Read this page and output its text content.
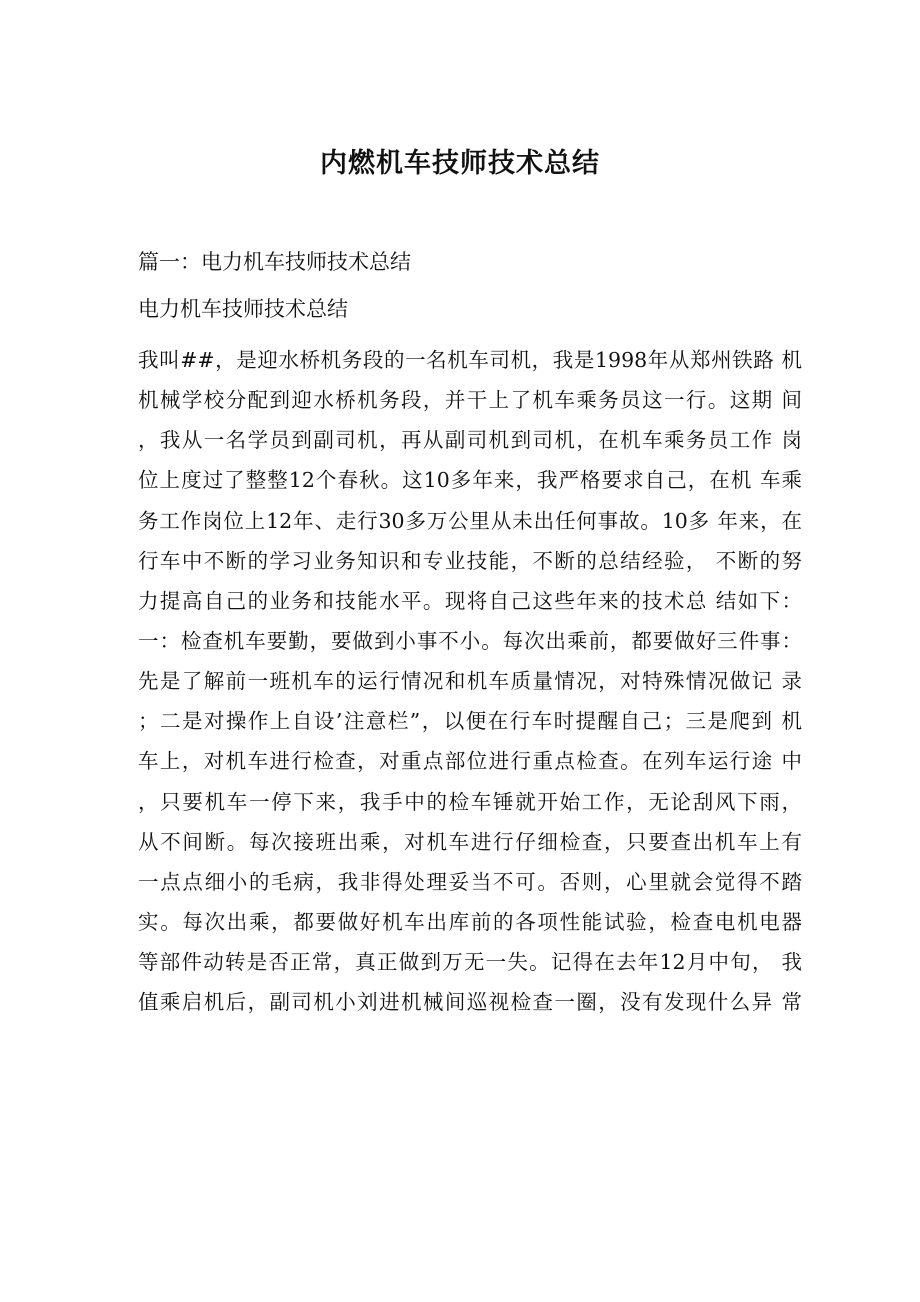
内燃机车技师技术总结
篇一：电力机车技师技术总结
电力机车技师技术总结
我叫##，是迎水桥机务段的一名机车司机，我是1998年从郑州铁路 机
机械学校分配到迎水桥机务段，并干上了机车乘务员这一行。这期 间
，我从一名学员到副司机，再从副司机到司机，在机车乘务员工作 岗
位上度过了整整12个春秋。这10多年来，我严格要求自己，在机 车乘
务工作岗位上12年、走行30多万公里从未出任何事故。10多 年来，在
行车中不断的学习业务知识和专业技能，不断的总结经验， 不断的努
力提高自己的业务和技能水平。现将自己这些年来的技术总 结如下：
一：检查机车要勤，要做到小事不小。每次出乘前，都要做好三件事：
先是了解前一班机车的运行情况和机车质量情况，对特殊情况做记 录
；二是对操作上自设’注意栏”，以便在行车时提醒自己；三是爬到 机
车上，对机车进行检查，对重点部位进行重点检查。在列车运行途 中
，只要机车一停下来，我手中的检车锤就开始工作，无论刮风下雨，
从不间断。每次接班出乘，对机车进行仔细检查，只要查出机车上有
一点点细小的毛病，我非得处理妥当不可。否则，心里就会觉得不踏
实。每次出乘，都要做好机车出库前的各项性能试验，检查电机电器
等部件动转是否正常，真正做到万无一失。记得在去年12月中旬， 我
值乘启机后，副司机小刘进机械间巡视检查一圈，没有发现什么异 常
